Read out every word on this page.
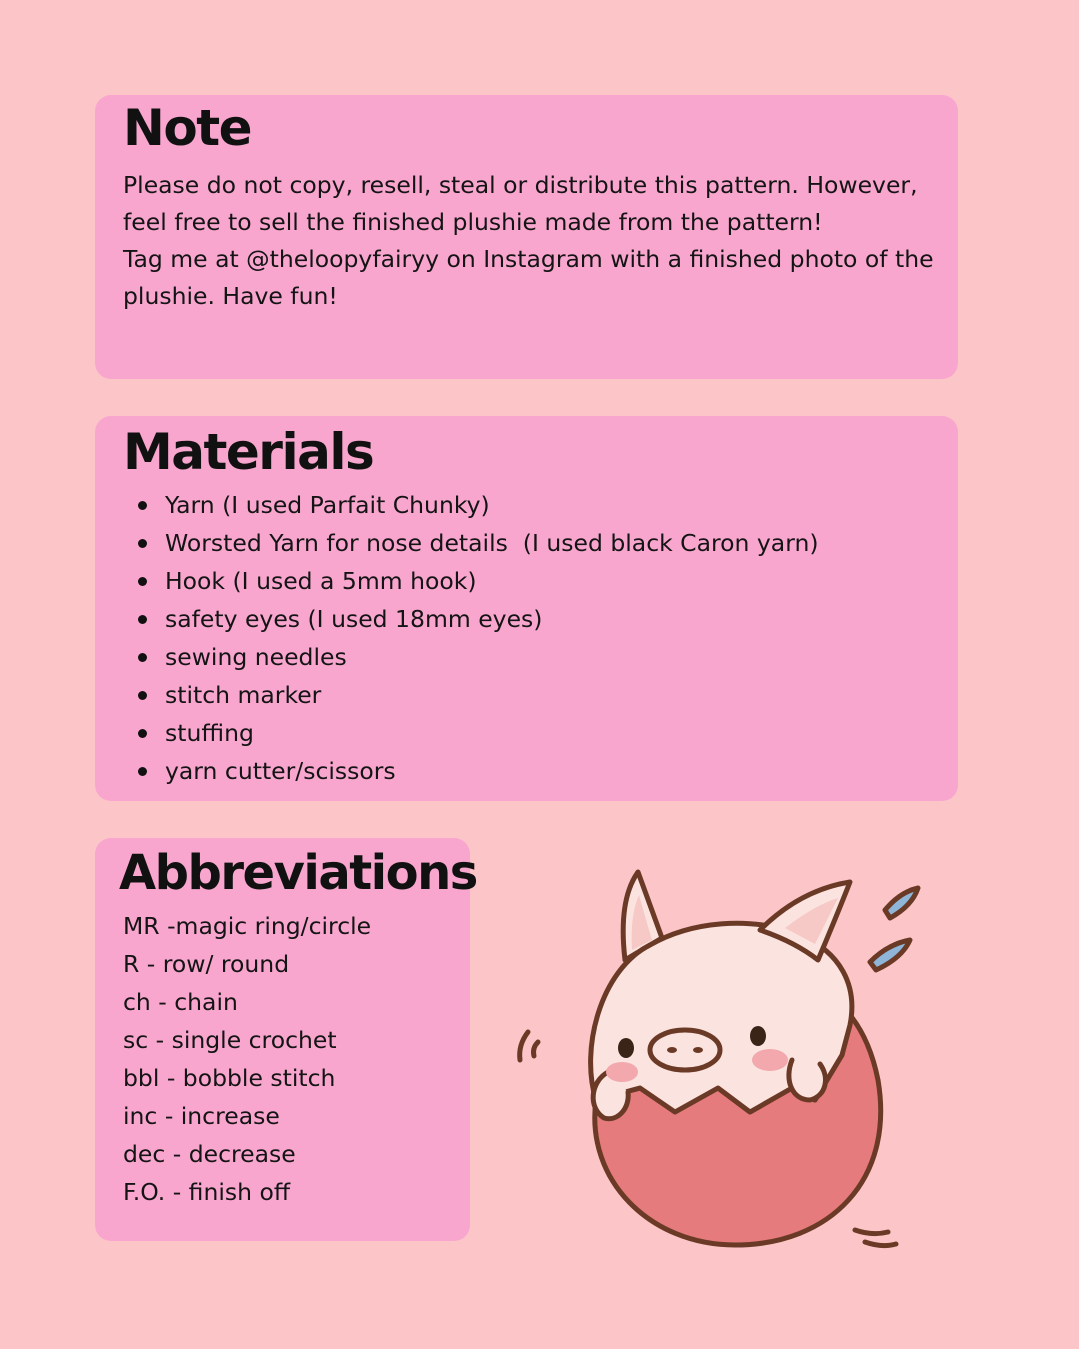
Note

Please do not copy, resell, steal or distribute this pattern. However, feel free to sell the finished plushie made from the pattern!

Tag me at @theloopyfairyy on Instagram with a finished photo of the plushie. Have fun!

Materials
Yarn (I used Parfait Chunky)
Worsted Yarn for nose details  (I used black Caron yarn)
Hook (I used a 5mm hook)
safety eyes (I used 18mm eyes)
sewing needles
stitch marker
stuffing
yarn cutter/scissors
Abbreviations
MR -magic ring/circle
R - row/ round
ch - chain
sc - single crochet
bbl - bobble stitch
inc - increase
dec - decrease
F.O. - finish off
